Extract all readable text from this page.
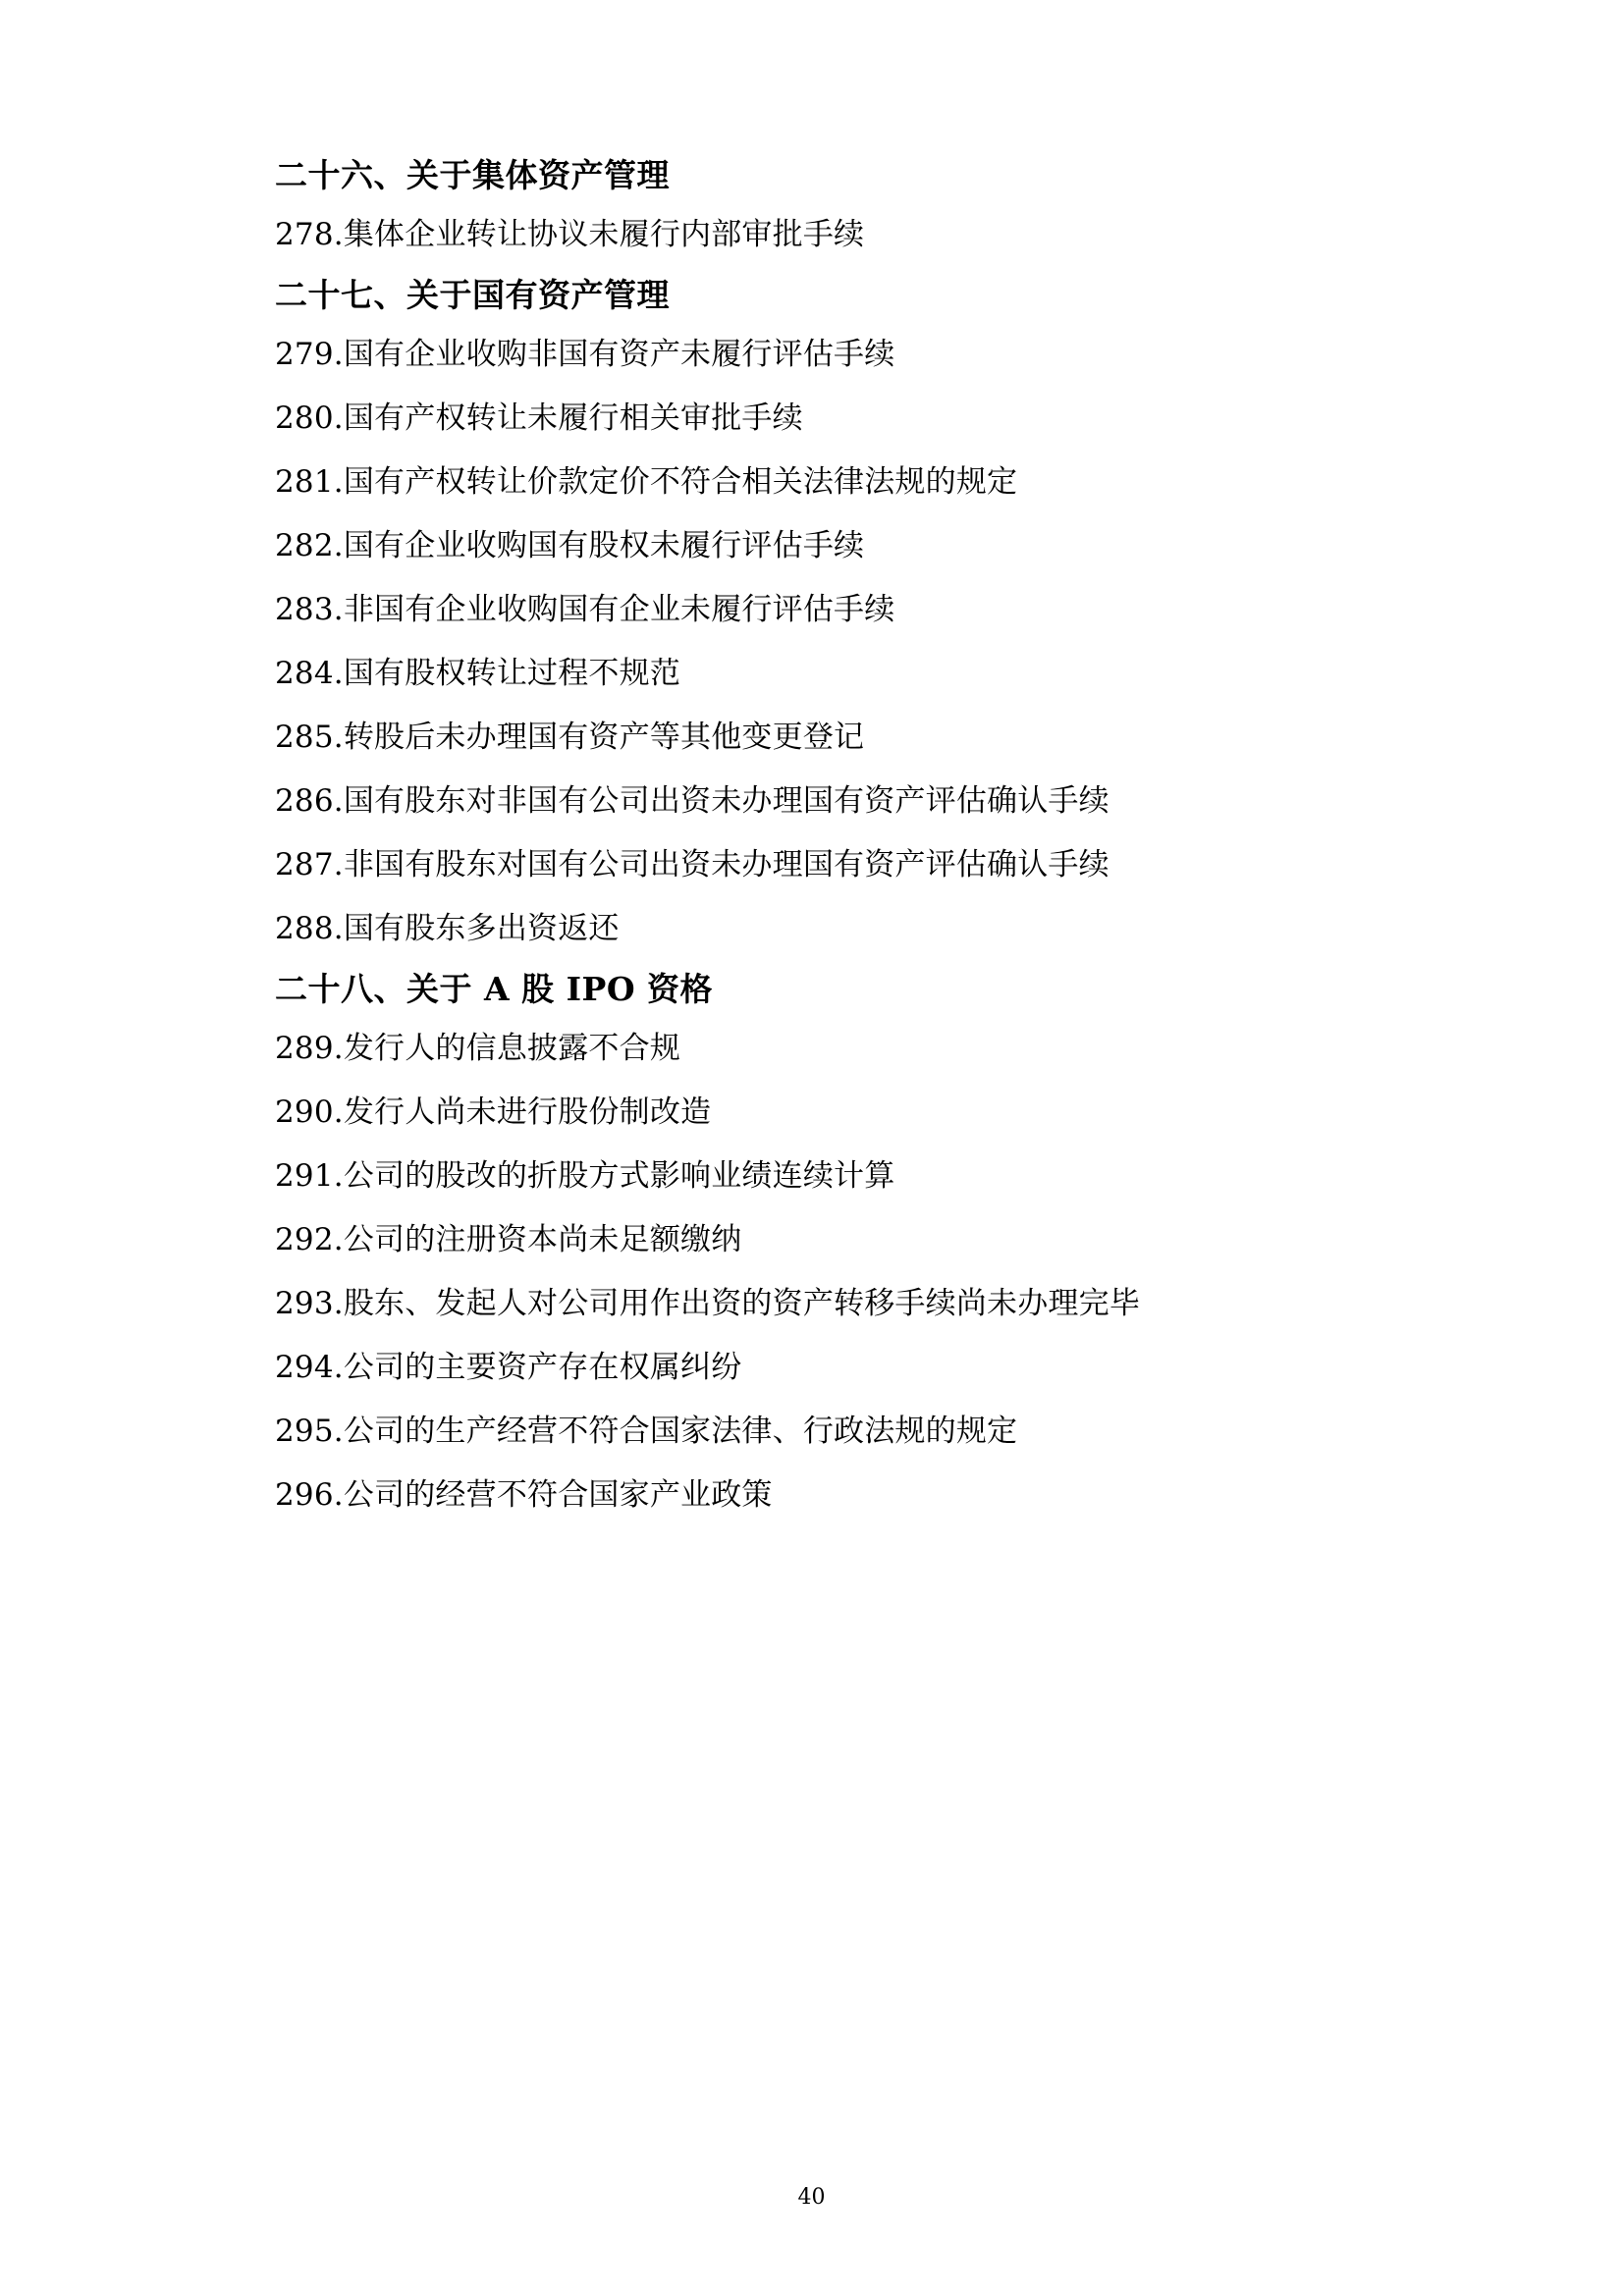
二十六、关于集体资产管理
278.集体企业转让协议未履行内部审批手续
二十七、关于国有资产管理
279.国有企业收购非国有资产未履行评估手续
280.国有产权转让未履行相关审批手续
281.国有产权转让价款定价不符合相关法律法规的规定
282.国有企业收购国有股权未履行评估手续
283.非国有企业收购国有企业未履行评估手续
284.国有股权转让过程不规范
285.转股后未办理国有资产等其他变更登记
286.国有股东对非国有公司出资未办理国有资产评估确认手续
287.非国有股东对国有公司出资未办理国有资产评估确认手续
288.国有股东多出资返还
二十八、关于 A 股 IPO 资格
289.发行人的信息披露不合规
290.发行人尚未进行股份制改造
291.公司的股改的折股方式影响业绩连续计算
292.公司的注册资本尚未足额缴纳
293.股东、发起人对公司用作出资的资产转移手续尚未办理完毕
294.公司的主要资产存在权属纠纷
295.公司的生产经营不符合国家法律、行政法规的规定
296.公司的经营不符合国家产业政策
40
